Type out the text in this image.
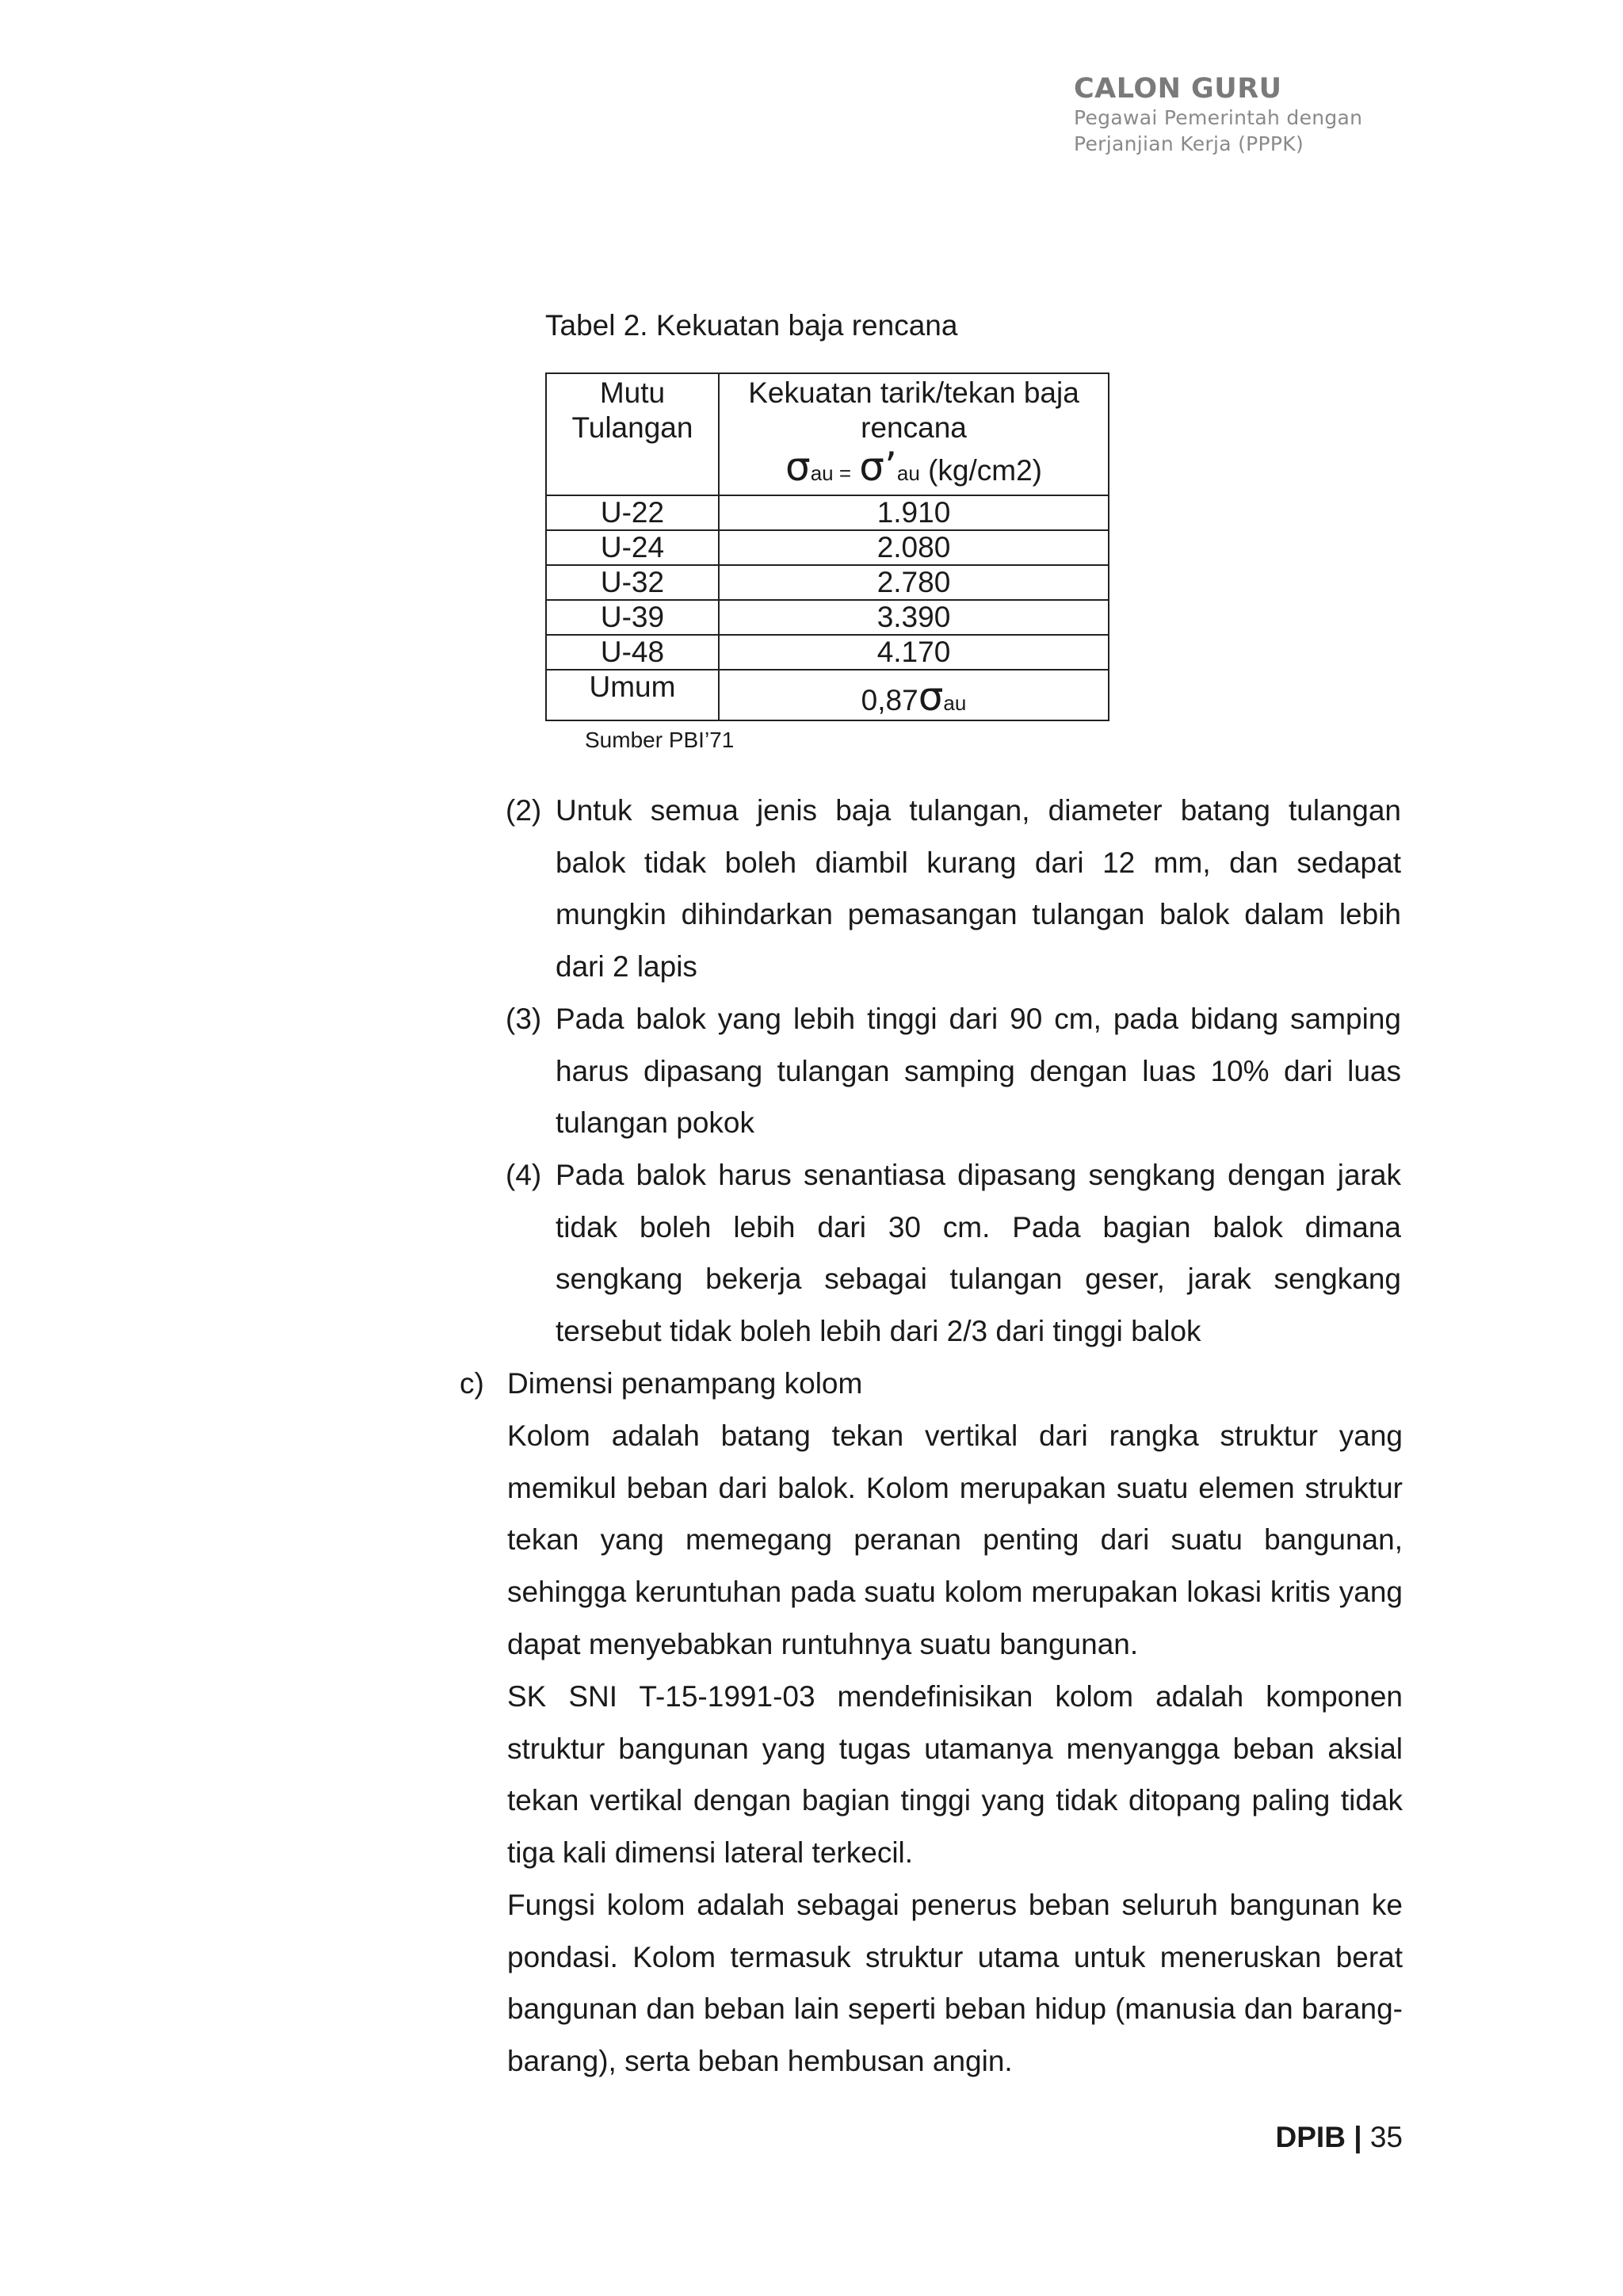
CALON GURU
Pegawai Pemerintah dengan
Perjanjian Kerja (PPPK)
Tabel 2. Kekuatan baja rencana
Mutu Tulangan	Kekuatan tarik/tekan baja rencana
σau = σ’au (kg/cm2)

U-22	1.910
U-24	2.080
U-32	2.780
U-39	3.390
U-48	4.170
Umum	0,87σau
Sumber PBI’71
(2) Untuk semua jenis baja tulangan, diameter batang tulangan balok tidak boleh diambil kurang dari 12 mm, dan sedapat mungkin dihindarkan pemasangan tulangan balok dalam lebih dari 2 lapis
(3) Pada balok yang lebih tinggi dari 90 cm, pada bidang samping harus dipasang tulangan samping dengan luas 10% dari luas tulangan pokok
(4) Pada balok harus senantiasa dipasang sengkang dengan jarak tidak boleh lebih dari 30 cm. Pada bagian balok dimana sengkang bekerja sebagai tulangan geser, jarak sengkang tersebut tidak boleh lebih dari 2/3 dari tinggi balok
c) Dimensi penampang kolom
Kolom adalah batang tekan vertikal dari rangka struktur yang memikul beban dari balok. Kolom merupakan suatu elemen struktur tekan yang memegang peranan penting dari suatu bangunan, sehingga keruntuhan pada suatu kolom merupakan lokasi kritis yang dapat menyebabkan runtuhnya suatu bangunan.
SK SNI T-15-1991-03 mendefinisikan kolom adalah komponen struktur bangunan yang tugas utamanya menyangga beban aksial tekan vertikal dengan bagian tinggi yang tidak ditopang paling tidak tiga kali dimensi lateral terkecil.
Fungsi kolom adalah sebagai penerus beban seluruh bangunan ke pondasi. Kolom termasuk struktur utama untuk meneruskan berat bangunan dan beban lain seperti beban hidup (manusia dan barang-barang), serta beban hembusan angin.
DPIB | 35
